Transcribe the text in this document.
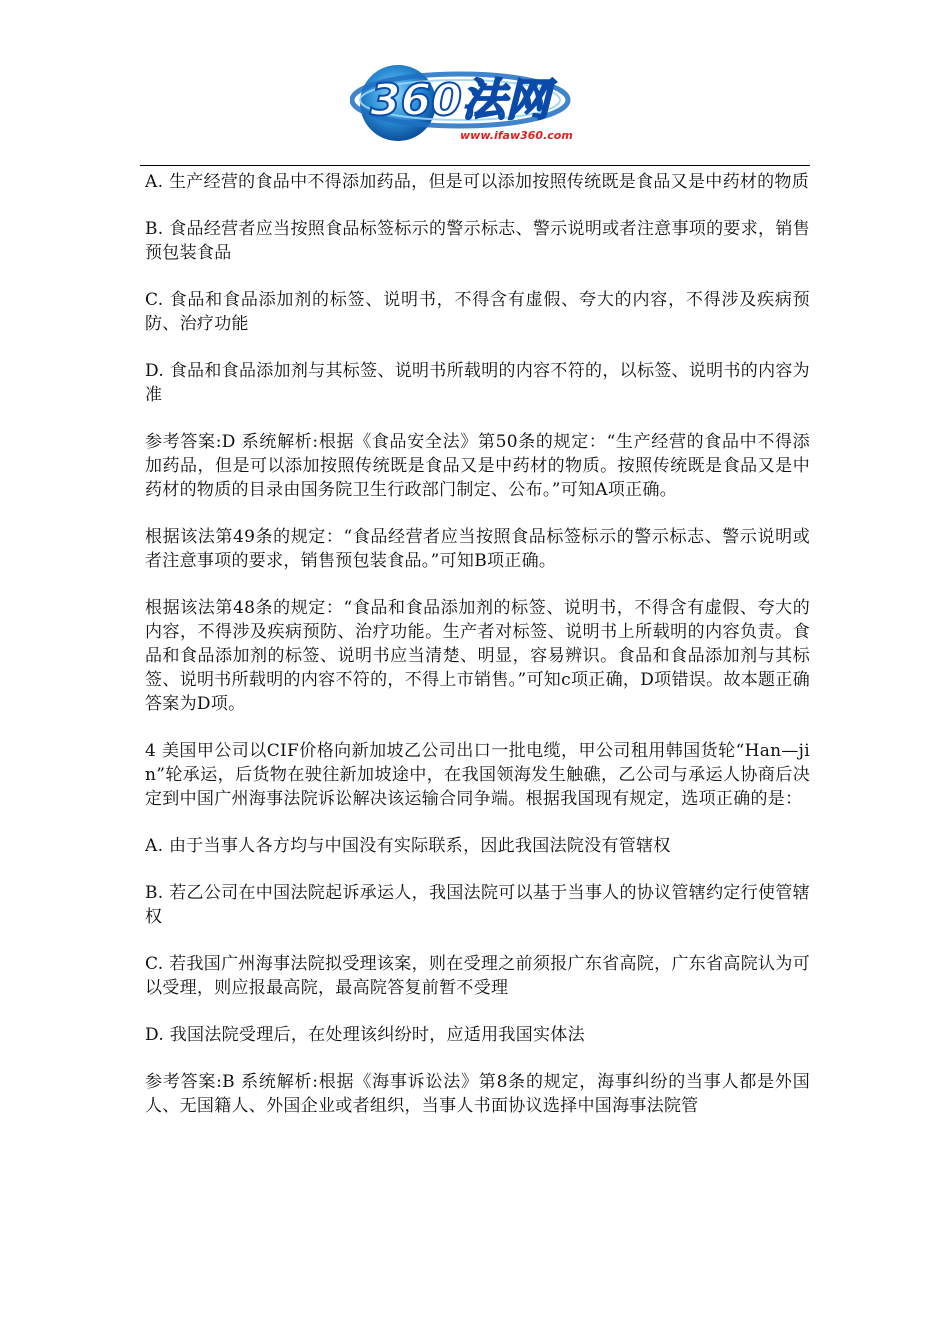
360法网
www.ifaw360.com

A. 生产经营的食品中不得添加药品，但是可以添加按照传统既是食品又是中药材的物质

B. 食品经营者应当按照食品标签标示的警示标志、警示说明或者注意事项的要求，销售预包装食品

C. 食品和食品添加剂的标签、说明书，不得含有虚假、夸大的内容，不得涉及疾病预防、治疗功能

D. 食品和食品添加剂与其标签、说明书所载明的内容不符的，以标签、说明书的内容为准

参考答案:D 系统解析:根据《食品安全法》第50条的规定：“生产经营的食品中不得添加药品，但是可以添加按照传统既是食品又是中药材的物质。按照传统既是食品又是中药材的物质的目录由国务院卫生行政部门制定、公布。”可知A项正确。

根据该法第49条的规定：“食品经营者应当按照食品标签标示的警示标志、警示说明或者注意事项的要求，销售预包装食品。”可知B项正确。

根据该法第48条的规定：“食品和食品添加剂的标签、说明书，不得含有虚假、夸大的内容，不得涉及疾病预防、治疗功能。生产者对标签、说明书上所载明的内容负责。食品和食品添加剂的标签、说明书应当清楚、明显，容易辨识。食品和食品添加剂与其标签、说明书所载明的内容不符的，不得上市销售。”可知c项正确，D项错误。故本题正确答案为D项。

4 美国甲公司以CIF价格向新加坡乙公司出口一批电缆，甲公司租用韩国货轮“Han—jin”轮承运，后货物在驶往新加坡途中，在我国领海发生触礁，乙公司与承运人协商后决定到中国广州海事法院诉讼解决该运输合同争端。根据我国现有规定，选项正确的是：

A. 由于当事人各方均与中国没有实际联系，因此我国法院没有管辖权

B. 若乙公司在中国法院起诉承运人，我国法院可以基于当事人的协议管辖约定行使管辖权

C. 若我国广州海事法院拟受理该案，则在受理之前须报广东省高院，广东省高院认为可以受理，则应报最高院，最高院答复前暂不受理

D. 我国法院受理后，在处理该纠纷时，应适用我国实体法

参考答案:B 系统解析:根据《海事诉讼法》第8条的规定，海事纠纷的当事人都是外国人、无国籍人、外国企业或者组织，当事人书面协议选择中国海事法院管
